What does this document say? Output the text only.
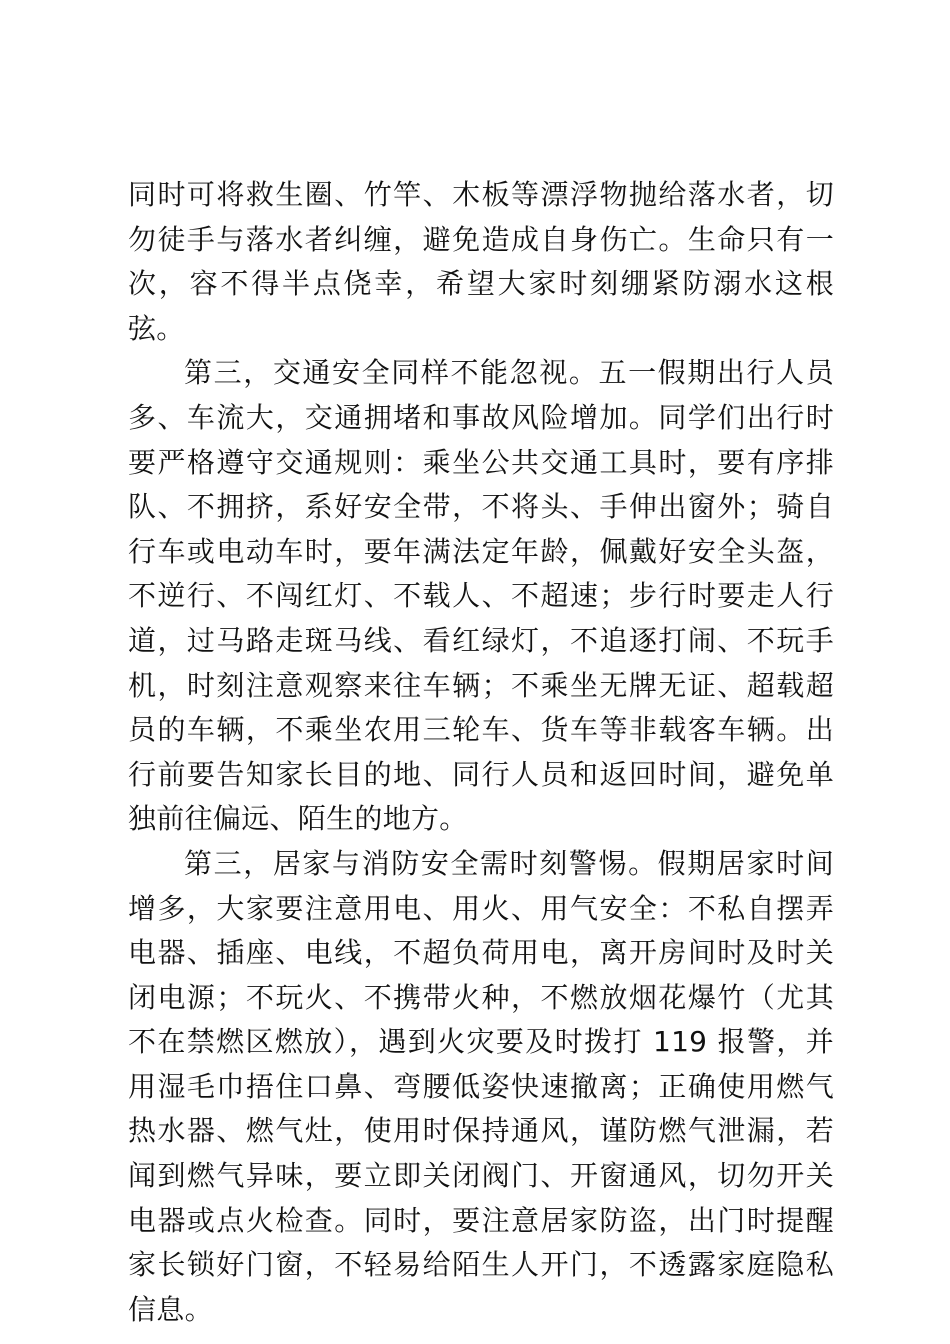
同时可将救生圈、竹竿、木板等漂浮物抛给落水者，切勿徒手与落水者纠缠，避免造成自身伤亡。生命只有一次，容不得半点侥幸，希望大家时刻绷紧防溺水这根弦。

第三，交通安全同样不能忽视。五一假期出行人员多、车流大，交通拥堵和事故风险增加。同学们出行时要严格遵守交通规则：乘坐公共交通工具时，要有序排队、不拥挤，系好安全带，不将头、手伸出窗外；骑自行车或电动车时，要年满法定年龄，佩戴好安全头盔，不逆行、不闯红灯、不载人、不超速；步行时要走人行道，过马路走斑马线、看红绿灯，不追逐打闹、不玩手机，时刻注意观察来往车辆；不乘坐无牌无证、超载超员的车辆，不乘坐农用三轮车、货车等非载客车辆。出行前要告知家长目的地、同行人员和返回时间，避免单独前往偏远、陌生的地方。

第三，居家与消防安全需时刻警惕。假期居家时间增多，大家要注意用电、用火、用气安全：不私自摆弄电器、插座、电线，不超负荷用电，离开房间时及时关闭电源；不玩火、不携带火种，不燃放烟花爆竹（尤其不在禁燃区燃放），遇到火灾要及时拨打 119 报警，并用湿毛巾捂住口鼻、弯腰低姿快速撤离；正确使用燃气热水器、燃气灶，使用时保持通风，谨防燃气泄漏，若闻到燃气异味，要立即关闭阀门、开窗通风，切勿开关电器或点火检查。同时，要注意居家防盗，出门时提醒家长锁好门窗，不轻易给陌生人开门，不透露家庭隐私信息。
